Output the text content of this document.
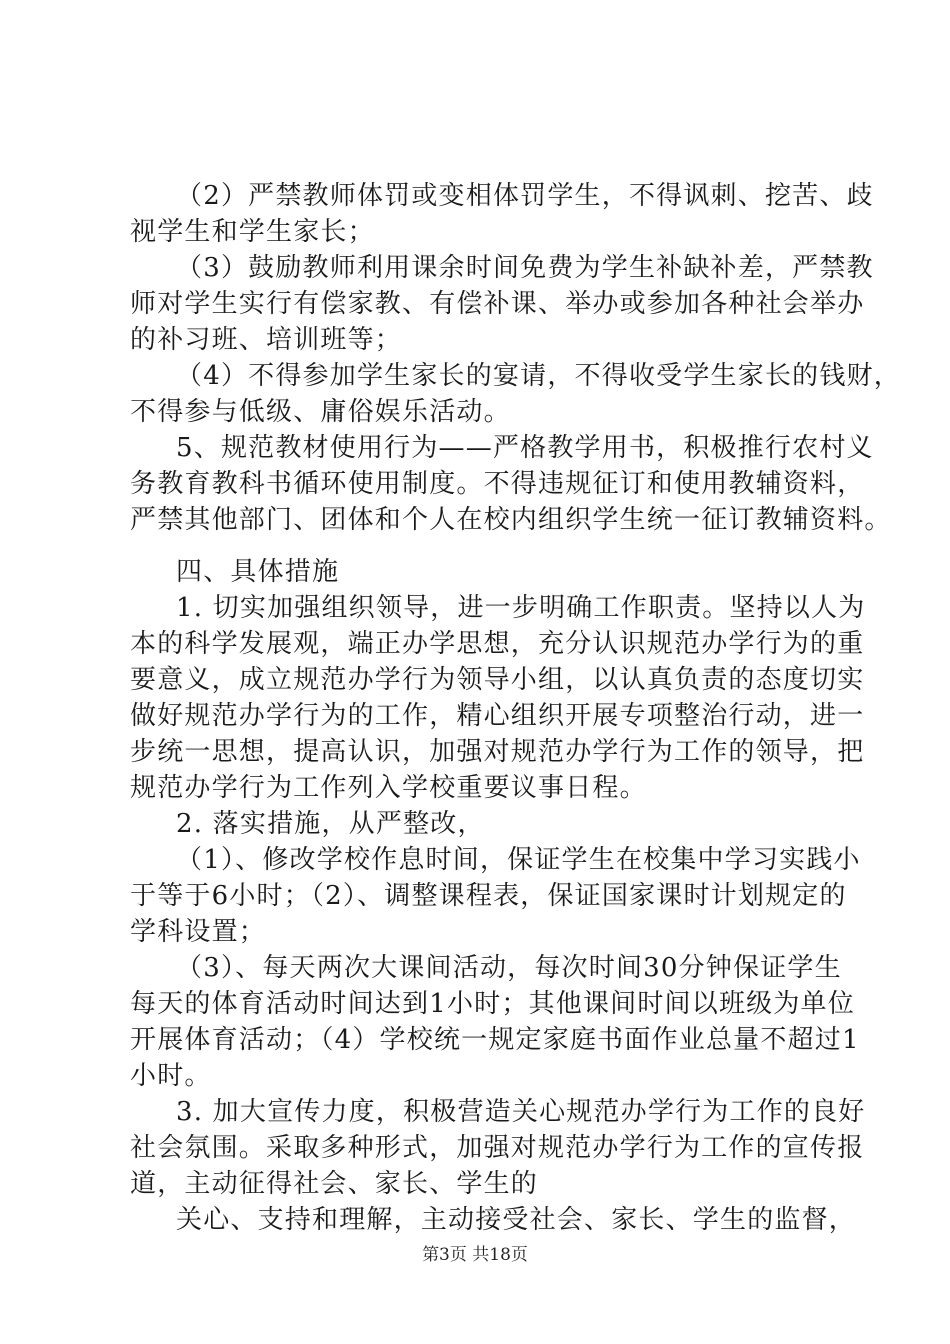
（2）严禁教师体罚或变相体罚学生，不得讽刺、挖苦、歧
视学生和学生家长；
（3）鼓励教师利用课余时间免费为学生补缺补差，严禁教
师对学生实行有偿家教、有偿补课、举办或参加各种社会举办
的补习班、培训班等；
（4）不得参加学生家长的宴请，不得收受学生家长的钱财，
不得参与低级、庸俗娱乐活动。
5、规范教材使用行为——严格教学用书，积极推行农村义
务教育教科书循环使用制度。不得违规征订和使用教辅资料，
严禁其他部门、团体和个人在校内组织学生统一征订教辅资料。
四、具体措施
1. 切实加强组织领导，进一步明确工作职责。坚持以人为
本的科学发展观，端正办学思想，充分认识规范办学行为的重
要意义，成立规范办学行为领导小组，以认真负责的态度切实
做好规范办学行为的工作，精心组织开展专项整治行动，进一
步统一思想，提高认识，加强对规范办学行为工作的领导，把
规范办学行为工作列入学校重要议事日程。
2. 落实措施，从严整改，
（1）、修改学校作息时间，保证学生在校集中学习实践小
于等于6小时；（2）、调整课程表，保证国家课时计划规定的
学科设置；
（3）、每天两次大课间活动，每次时间30分钟保证学生
每天的体育活动时间达到1小时；其他课间时间以班级为单位
开展体育活动；（4）学校统一规定家庭书面作业总量不超过1
小时。
3. 加大宣传力度，积极营造关心规范办学行为工作的良好
社会氛围。采取多种形式，加强对规范办学行为工作的宣传报
道，主动征得社会、家长、学生的
关心、支持和理解，主动接受社会、家长、学生的监督，
第3页 共18页
